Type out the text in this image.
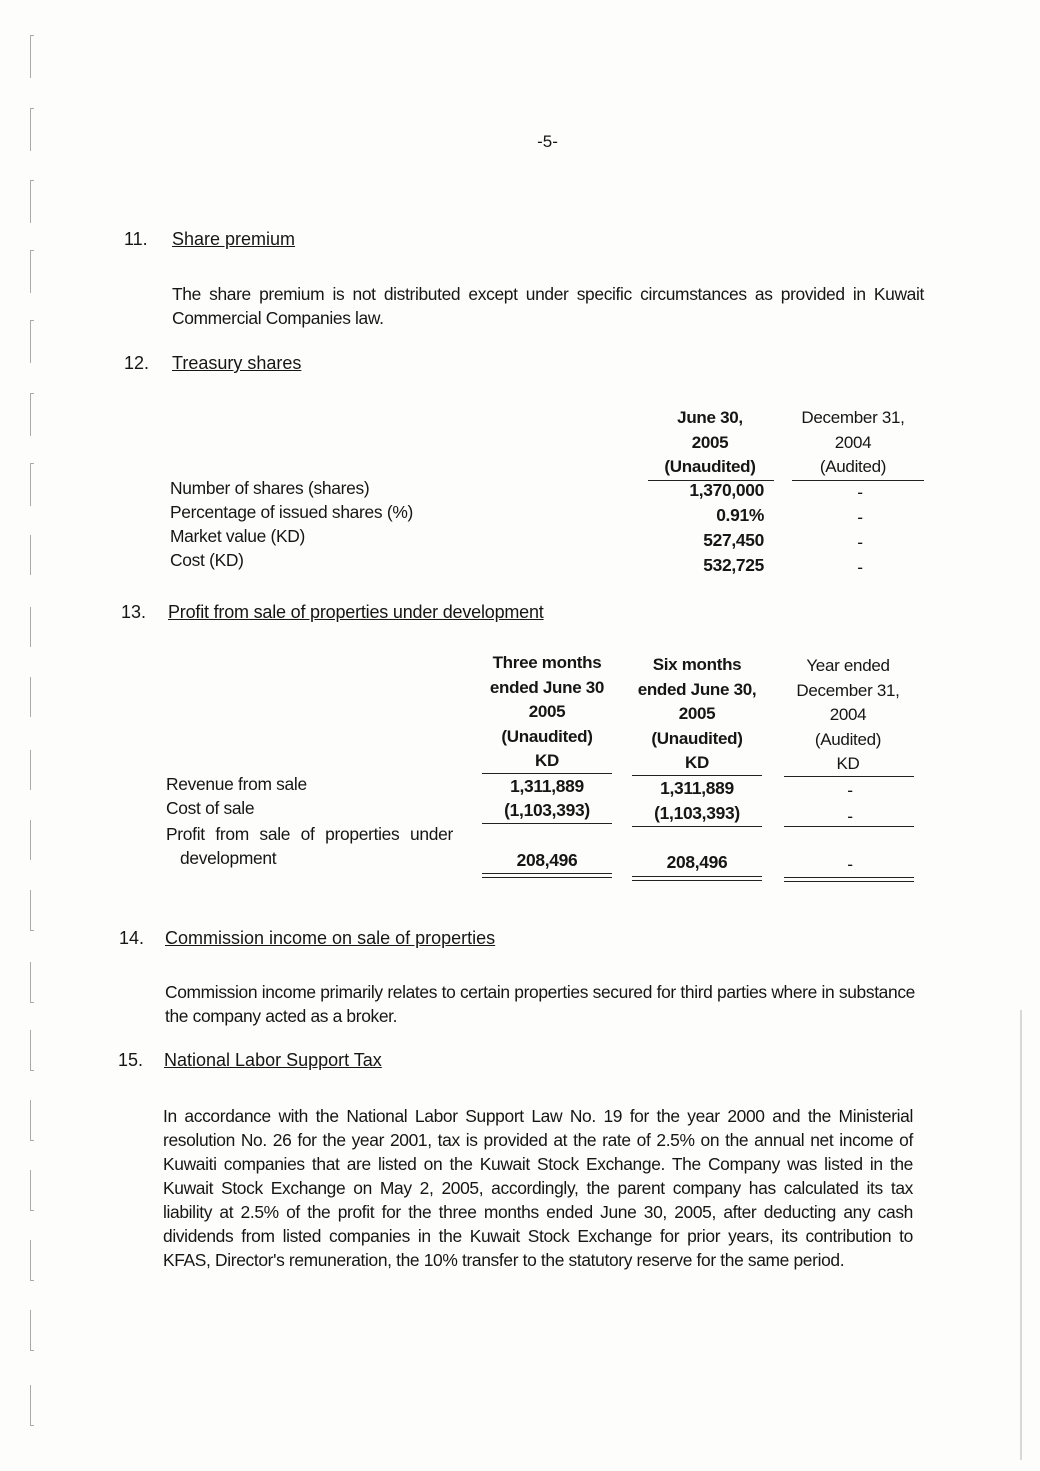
-5-
11. Share premium
The share premium is not distributed except under specific circumstances as provided in Kuwait Commercial Companies law.
12. Treasury shares
June 30,
2005
(Unaudited)
December 31,
2004
(Audited)
Number of shares (shares)	1,370,000	-
Percentage of issued shares (%)	0.91%	-
Market value (KD)	527,450	-
Cost (KD)	532,725	-
13. Profit from sale of properties under development
Three months
ended June 30
2005
(Unaudited)
KD
Six months
ended June 30,
2005
(Unaudited)
KD
Year ended
December 31,
2004
(Audited)
KD
Revenue from sale	1,311,889	1,311,889	-
Cost of sale	(1,103,393)	(1,103,393)	-
Profit from sale of properties under
development	208,496	208,496	-
14. Commission income on sale of properties
Commission income primarily relates to certain properties secured for third parties where in substance the company acted as a broker.
15. National Labor Support Tax
In accordance with the National Labor Support Law No. 19 for the year 2000 and the Ministerial resolution No. 26 for the year 2001, tax is provided at the rate of 2.5% on the annual net income of Kuwaiti companies that are listed on the Kuwait Stock Exchange. The Company was listed in the Kuwait Stock Exchange on May 2, 2005, accordingly, the parent company has calculated its tax liability at 2.5% of the profit for the three months ended June 30, 2005, after deducting any cash dividends from listed companies in the Kuwait Stock Exchange for prior years, its contribution to KFAS, Director's remuneration, the 10% transfer to the statutory reserve for the same period.
